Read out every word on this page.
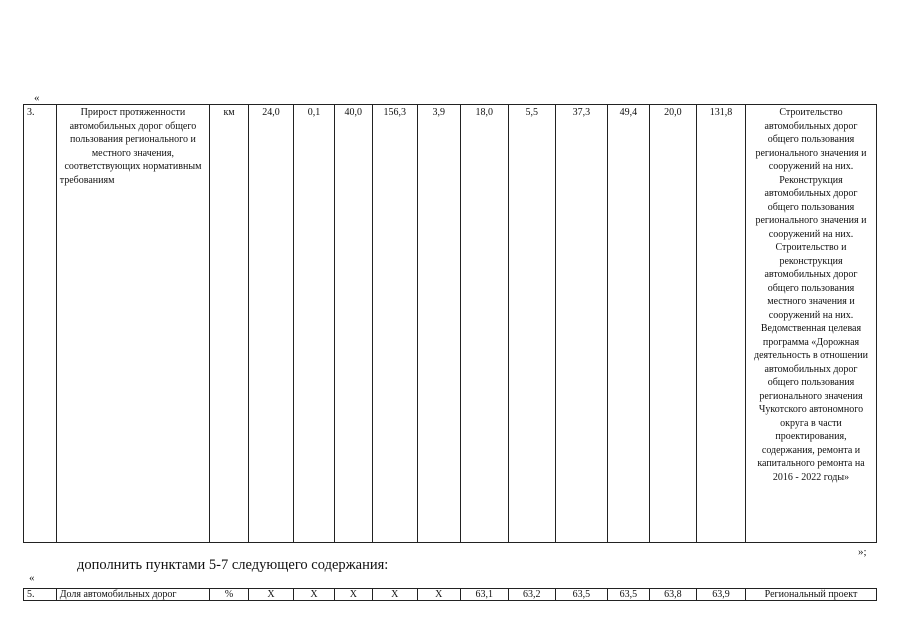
«
3.	Прирост протяженности автомобильных дорог общего пользования регионального и местного значения, соответствующих нормативным требованиям	км	24,0	0,1	40,0	156,3	3,9	18,0	5,5	37,3	49,4	20,0	131,8	Строительство автомобильных дорог общего пользования регионального значения и сооружений на них. Реконструкция автомобильных дорог общего пользования регионального значения и сооружений на них. Строительство и реконструкция автомобильных дорог общего пользования местного значения и сооружений на них. Ведомственная целевая программа «Дорожная деятельность в отношении автомобильных дорог общего пользования регионального значения Чукотского автономного округа в части проектирования, содержания, ремонта и капитального ремонта на 2016 - 2022 годы»
»;
дополнить пунктами 5-7 следующего содержания:
«
5.	Доля автомобильных дорог	%	Х	Х	Х	Х	Х	63,1	63,2	63,5	63,5	63,8	63,9	Региональный проект
